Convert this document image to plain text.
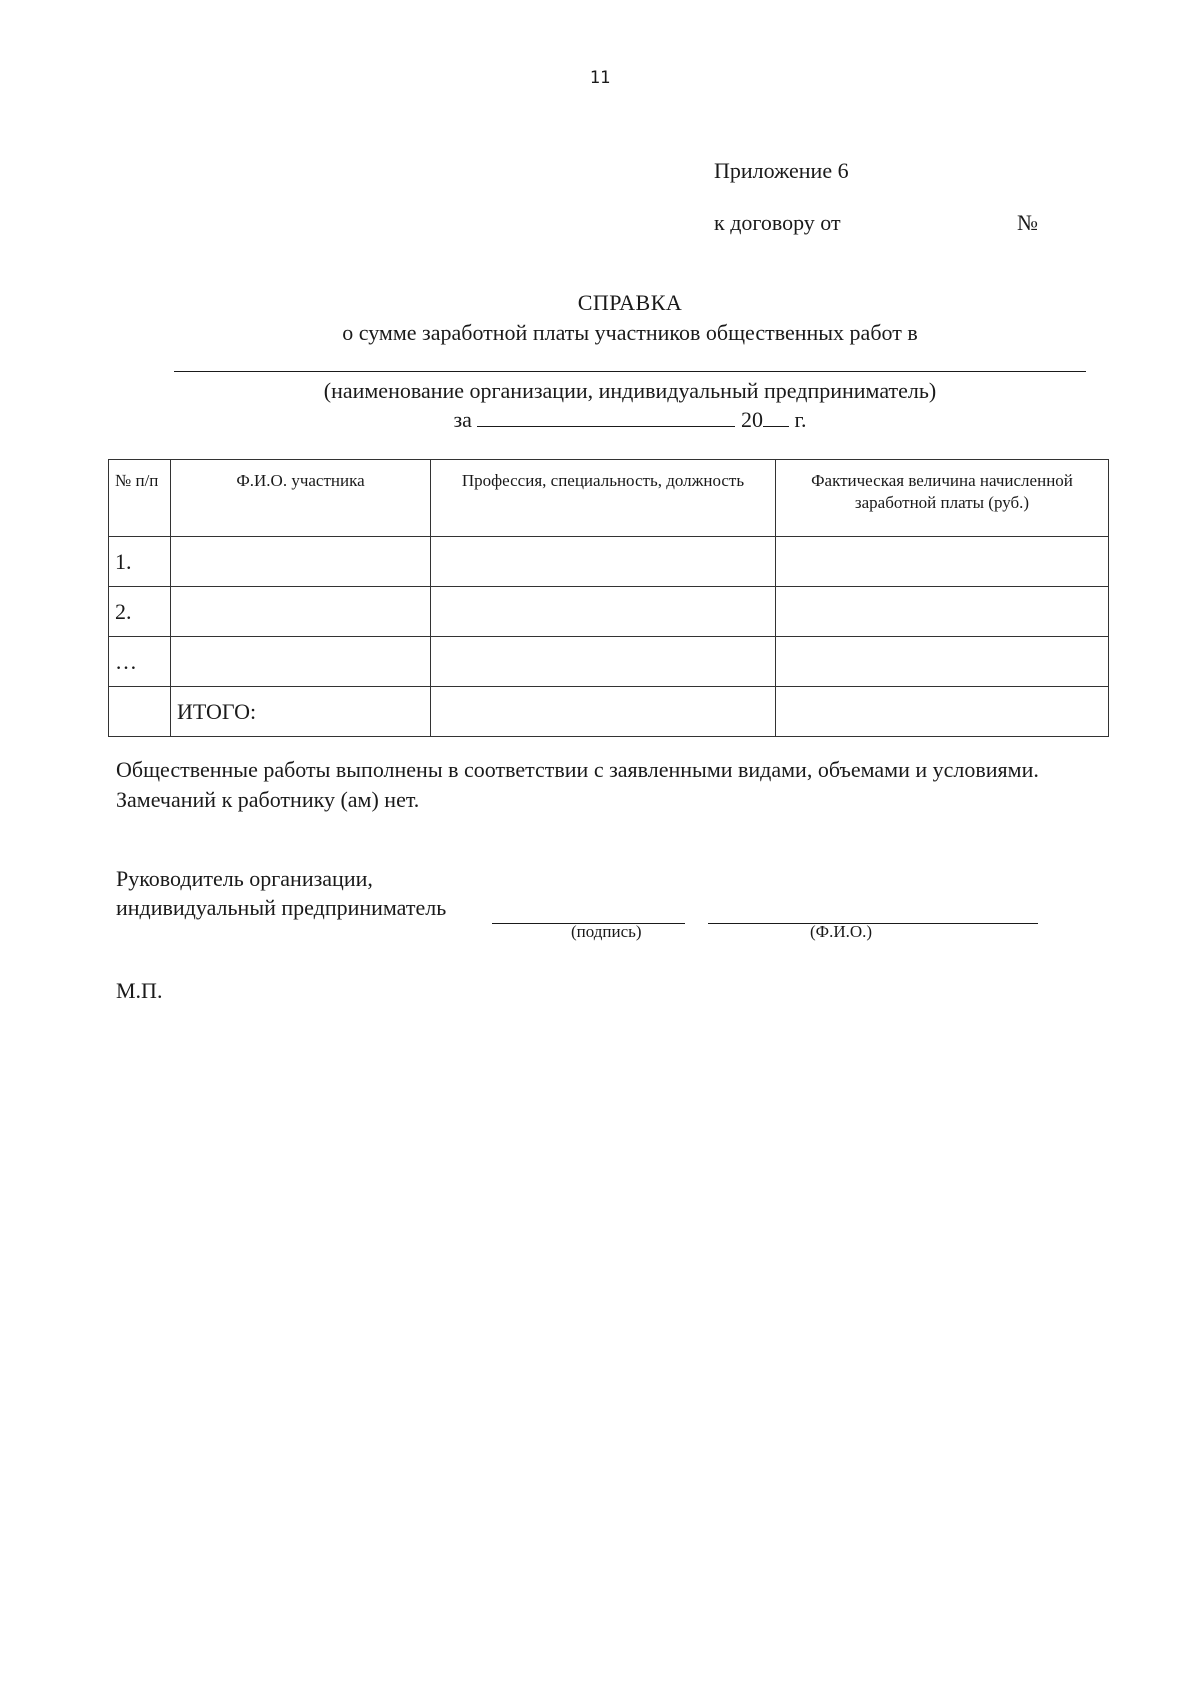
11
Приложение 6
к договору от	№
СПРАВКА
о сумме заработной платы участников общественных работ в
(наименование организации, индивидуальный предприниматель)
за	20 г.
№ п/п	Ф.И.О. участника	Профессия, специальность, должность	Фактическая величина начисленной заработной платы (руб.)
1.			
2.			
…			
	ИТОГО:		
Общественные работы выполнены в соответствии с заявленными видами, объемами и условиями.
Замечаний к работнику (ам) нет.
Руководитель организации,
индивидуальный предприниматель
(подпись)	(Ф.И.О.)
М.П.
